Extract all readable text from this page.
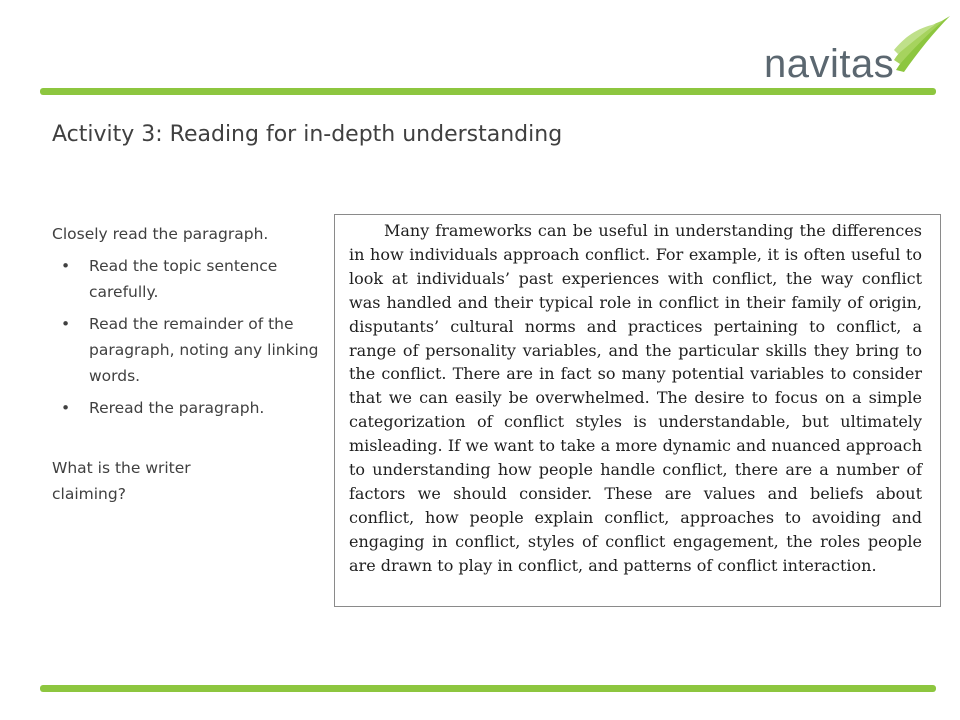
navitas
Activity 3: Reading for in-depth understanding

Closely read the paragraph.

• Read the topic sentence carefully.
• Read the remainder of the paragraph, noting any linking words.
• Reread the paragraph.

What is the writer claiming?

Many frameworks can be useful in understanding the differences in how individuals approach conflict. For example, it is often useful to look at individuals’ past experiences with conflict, the way conflict was handled and their typical role in conflict in their family of origin, disputants’ cultural norms and practices pertaining to conflict, a range of personality variables, and the particular skills they bring to the conflict. There are in fact so many potential variables to consider that we can easily be overwhelmed. The desire to focus on a simple categorization of conflict styles is understandable, but ultimately misleading. If we want to take a more dynamic and nuanced approach to understanding how people handle conflict, there are a number of factors we should consider. These are values and beliefs about conflict, how people explain conflict, approaches to avoiding and engaging in conflict, styles of conflict engagement, the roles people are drawn to play in conflict, and patterns of conflict interaction.
